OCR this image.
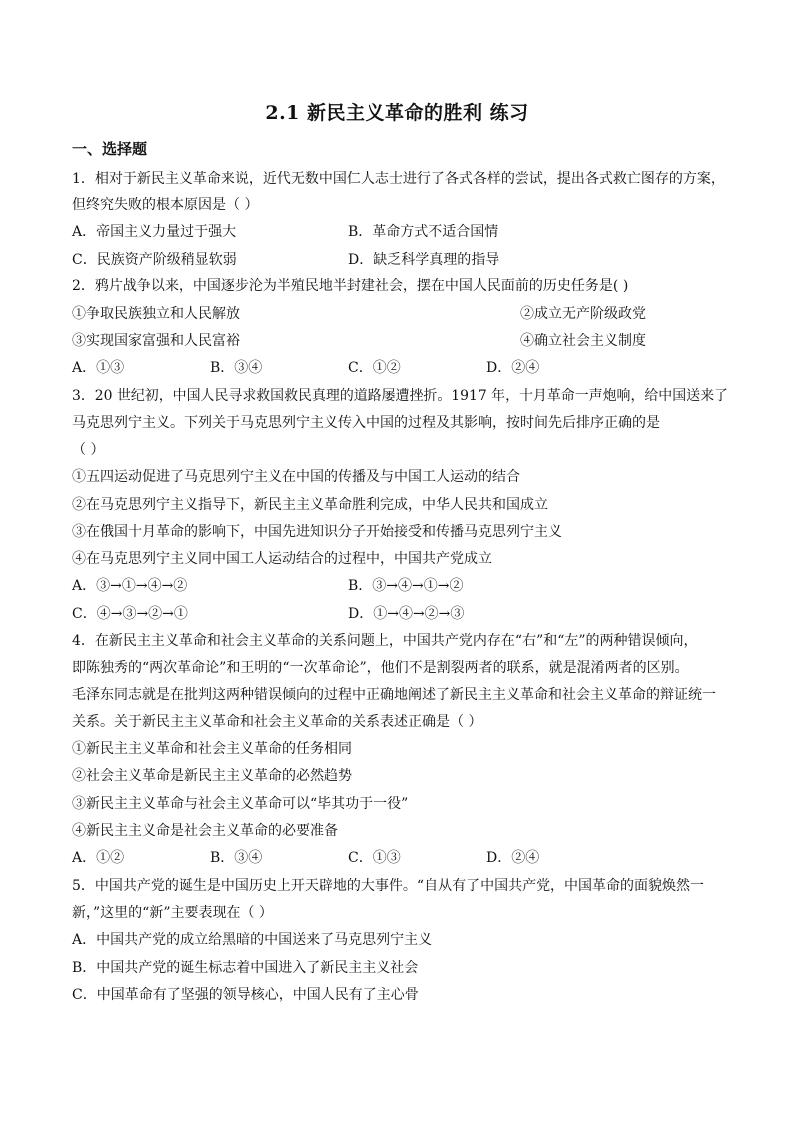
2.1 新民主义革命的胜利 练习
一、选择题
1．相对于新民主义革命来说，近代无数中国仁人志士进行了各式各样的尝试，提出各式救亡图存的方案，
但终究失败的根本原因是（ ）
A．帝国主义力量过于强大	B．革命方式不适合国情
C．民族资产阶级稍显软弱	D．缺乏科学真理的指导
2．鸦片战争以来，中国逐步沦为半殖民地半封建社会，摆在中国人民面前的历史任务是( )
①争取民族独立和人民解放	②成立无产阶级政党
③实现国家富强和人民富裕	④确立社会主义制度
A．①③	B．③④	C．①②	D．②④
3．20 世纪初，中国人民寻求救国救民真理的道路屡遭挫折。1917 年，十月革命一声炮响，给中国送来了
马克思列宁主义。下列关于马克思列宁主义传入中国的过程及其影响，按时间先后排序正确的是
（ ）
①五四运动促进了马克思列宁主义在中国的传播及与中国工人运动的结合
②在马克思列宁主义指导下，新民主主义革命胜利完成，中华人民共和国成立
③在俄国十月革命的影响下，中国先进知识分子开始接受和传播马克思列宁主义
④在马克思列宁主义同中国工人运动结合的过程中，中国共产党成立
A．③→①→④→②	B．③→④→①→②
C．④→③→②→①	D．①→④→②→③
4．在新民主主义革命和社会主义革命的关系问题上，中国共产党内存在“右”和“左”的两种错误倾向，
即陈独秀的“两次革命论”和王明的“一次革命论”，他们不是割裂两者的联系，就是混淆两者的区别。
毛泽东同志就是在批判这两种错误倾向的过程中正确地阐述了新民主主义革命和社会主义革命的辩证统一
关系。关于新民主主义革命和社会主义革命的关系表述正确是（ ）
①新民主主义革命和社会主义革命的任务相同
②社会主义革命是新民主主义革命的必然趋势
③新民主主义革命与社会主义革命可以“毕其功于一役”
④新民主主义命是社会主义革命的必要准备
A．①②	B．③④	C．①③	D．②④
5．中国共产党的诞生是中国历史上开天辟地的大事件。“自从有了中国共产党，中国革命的面貌焕然一
新，”这里的“新”主要表现在（ ）
A．中国共产党的成立给黑暗的中国送来了马克思列宁主义
B．中国共产党的诞生标志着中国进入了新民主主义社会
C．中国革命有了坚强的领导核心，中国人民有了主心骨
